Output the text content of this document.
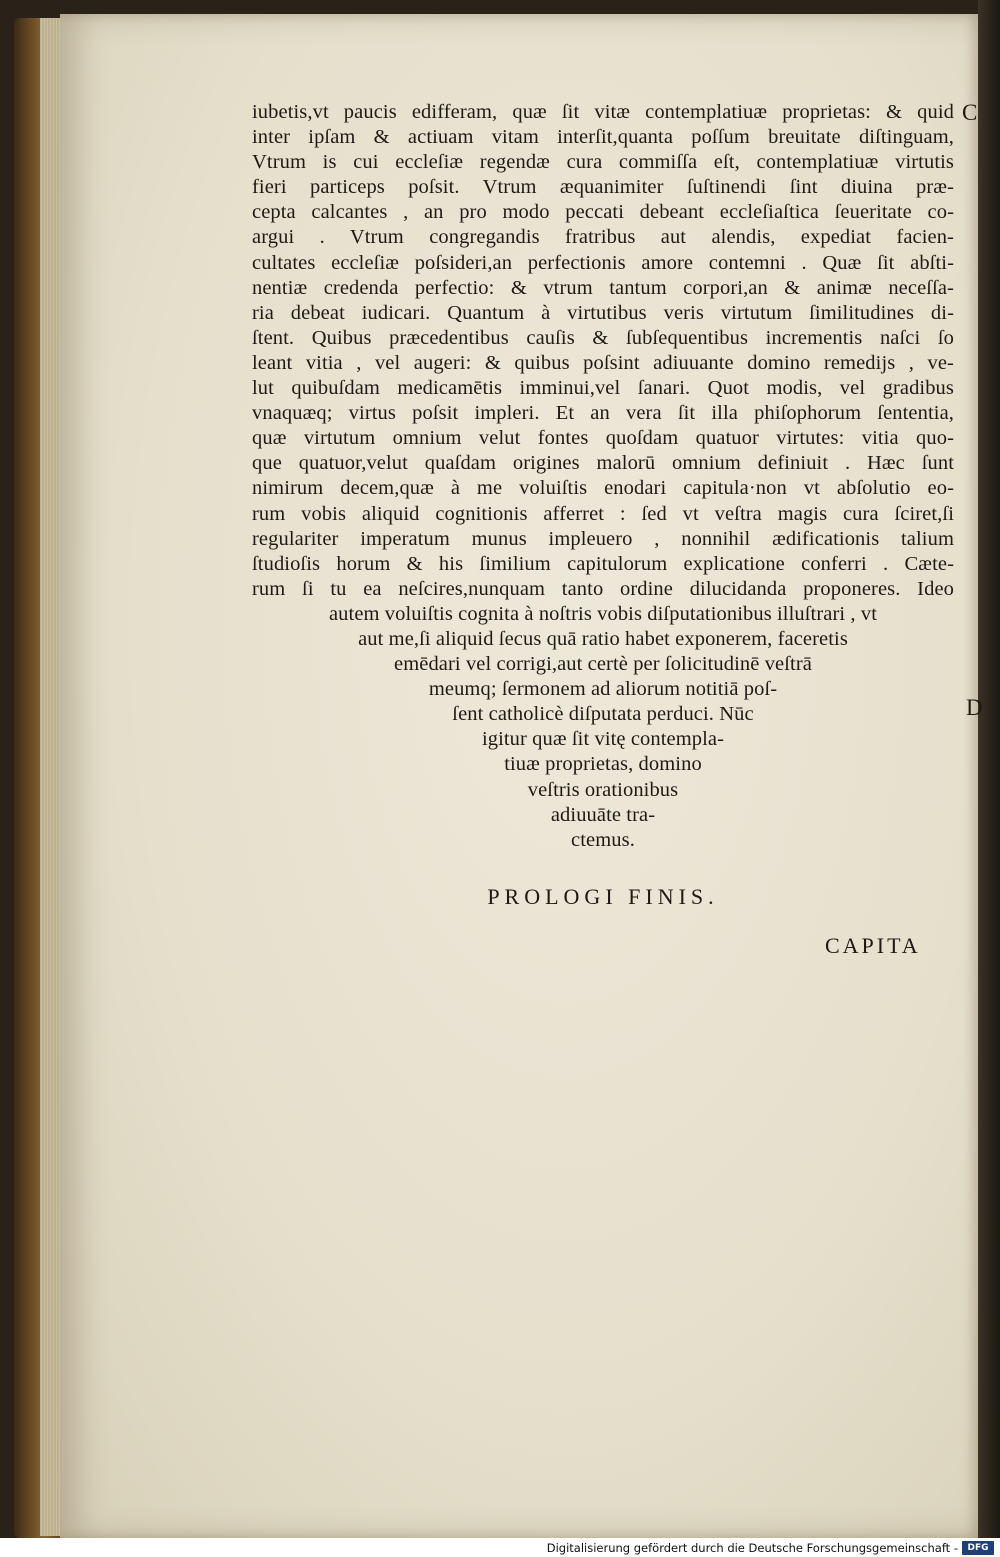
iubetis,vt paucis edifferam, quæ ſit vitæ contemplatiuæ proprietas: & quid
inter ipſam & actiuam vitam interſit,quanta poſſum breuitate diſtinguam,
Vtrum is cui eccleſiæ regendæ cura commiſſa eſt, contemplatiuæ virtutis
fieri particeps poſsit. Vtrum æquanimiter ſuſtinendi ſint diuina præ-
cepta calcantes , an pro modo peccati debeant eccleſiaſtica ſeueritate co-
argui . Vtrum congregandis fratribus aut alendis, expediat facien-
cultates eccleſiæ poſsideri,an perfectionis amore contemni . Quæ ſit abſti-
nentiæ credenda perfectio: & vtrum tantum corpori,an & animæ neceſſa-
ria debeat iudicari. Quantum à virtutibus veris virtutum ſimilitudines di-
ſtent. Quibus præcedentibus cauſis & ſubſequentibus incrementis naſci ſo
leant vitia , vel augeri: & quibus poſsint adiuuante domino remedijs , ve-
lut quibuſdam medicamētis imminui,vel ſanari. Quot modis, vel gradibus
vnaquæq; virtus poſsit impleri. Et an vera ſit illa phiſophorum ſententia,
quæ virtutum omnium velut fontes quoſdam quatuor virtutes: vitia quo-
que quatuor,velut quaſdam origines malorū omnium definiuit . Hæc ſunt
nimirum decem,quæ à me voluiſtis enodari capitula·non vt abſolutio eo-
rum vobis aliquid cognitionis afferret : ſed vt veſtra magis cura ſciret,ſi
regulariter imperatum munus impleuero , nonnihil ædificationis talium
ſtudioſis horum & his ſimilium capitulorum explicatione conferri . Cæte-
rum ſi tu ea neſcires,nunquam tanto ordine dilucidanda proponeres. Ideo
autem voluiſtis cognita à noſtris vobis diſputationibus illuſtrari , vt
aut me,ſi aliquid ſecus quā ratio habet exponerem, faceretis
emēdari vel corrigi,aut certè per ſolicitudinē veſtrā
meumq; ſermonem ad aliorum notitiā poſ-
ſent catholicè diſputata perduci. Nūc
igitur quæ ſit vitę contempla-
tiuæ proprietas, domino
veſtris orationibus
adiuuāte tra-
ctemus.
C
D
PROLOGI FINIS.
CAPITA
Digitalisierung gefördert durch die Deutsche Forschungsgemeinschaft -	DFG
